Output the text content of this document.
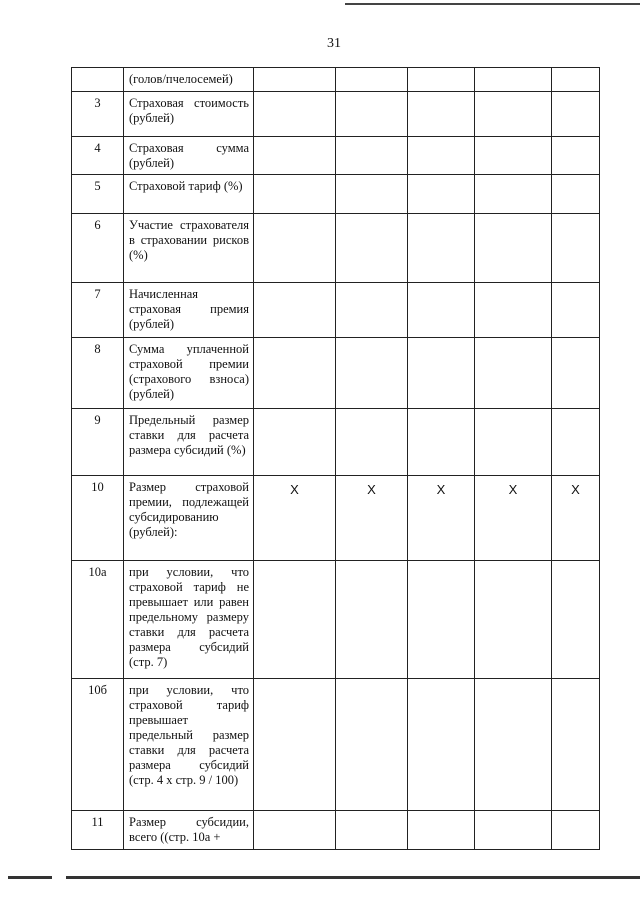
31
	(голов/пчелосемей)					
3	Страховая стоимость (рублей)					
4	Страховая сумма (рублей)					
5	Страховой тариф (%)					
6	Участие страхователя в страховании рисков (%)					
7	Начисленная страховая премия (рублей)					
8	Сумма уплаченной страховой премии (страхового взноса) (рублей)					
9	Предельный размер ставки для расчета размера субсидий (%)					
10	Размер страховой премии, подлежащей субсидированию (рублей):	X	X	X	X	X
10а	при условии, что страховой тариф не превышает или равен предельному размеру ставки для расчета размера субсидий (стр. 7)					
10б	при условии, что страховой тариф превышает предельный размер ставки для расчета размера субсидий (стр. 4 x стр. 9 / 100)					
11	Размер субсидии, всего ((стр. 10а +					
